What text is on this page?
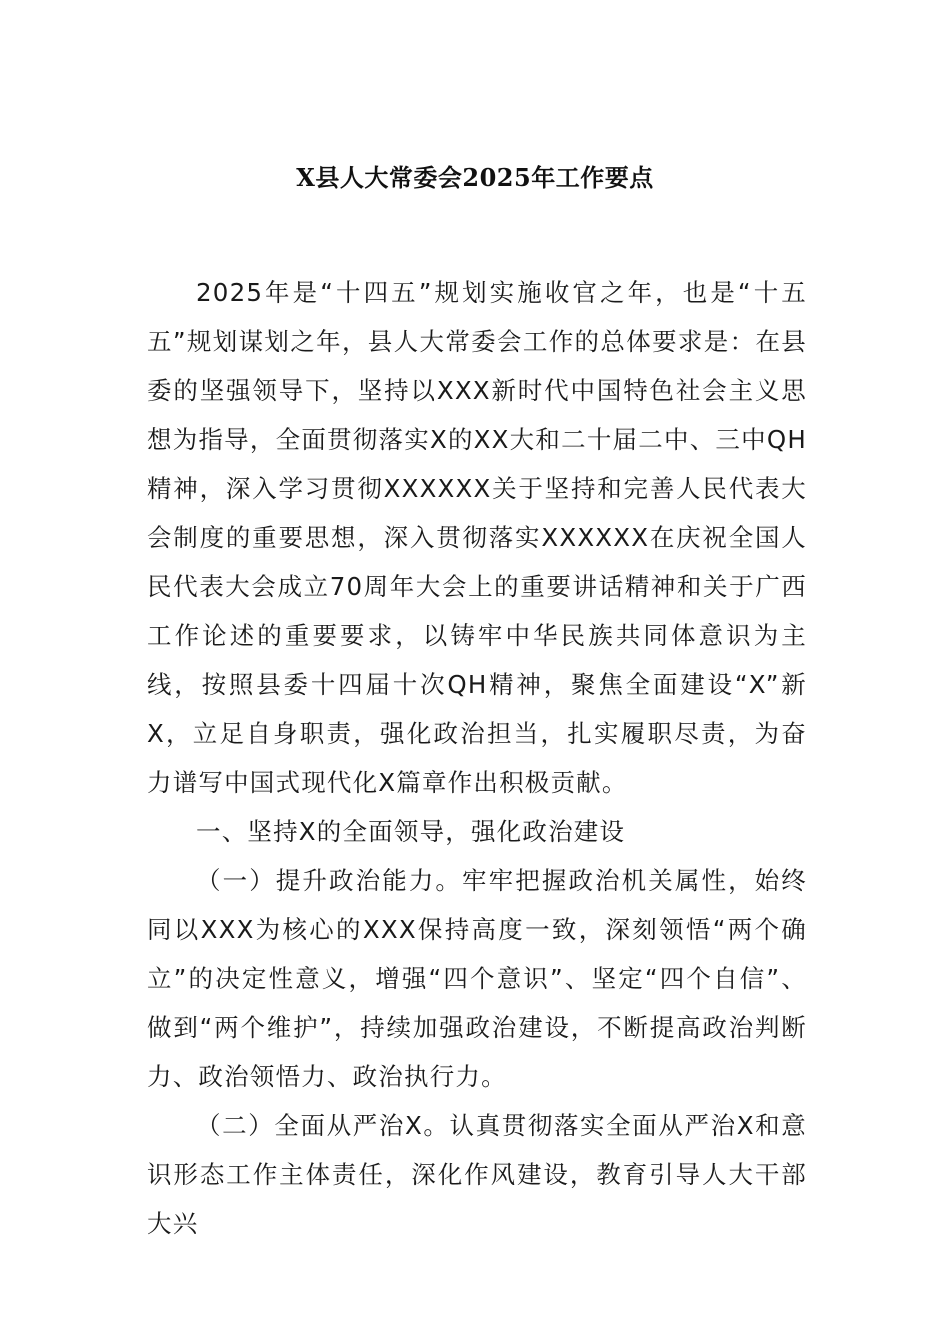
X县人大常委会2025年工作要点

2025年是“十四五”规划实施收官之年，也是“十五五”规划谋划之年，县人大常委会工作的总体要求是：在县委的坚强领导下，坚持以XXX新时代中国特色社会主义思想为指导，全面贯彻落实X的XX大和二十届二中、三中QH精神，深入学习贯彻XXXXXX关于坚持和完善人民代表大会制度的重要思想，深入贯彻落实XXXXXX在庆祝全国人民代表大会成立70周年大会上的重要讲话精神和关于广西工作论述的重要要求，以铸牢中华民族共同体意识为主线，按照县委十四届十次QH精神，聚焦全面建设“X”新X，立足自身职责，强化政治担当，扎实履职尽责，为奋力谱写中国式现代化X篇章作出积极贡献。

一、坚持X的全面领导，强化政治建设

（一）提升政治能力。牢牢把握政治机关属性，始终同以XXX为核心的XXX保持高度一致，深刻领悟“两个确立”的决定性意义，增强“四个意识”、坚定“四个自信”、做到“两个维护”，持续加强政治建设，不断提高政治判断力、政治领悟力、政治执行力。

（二）全面从严治X。认真贯彻落实全面从严治X和意识形态工作主体责任，深化作风建设，教育引导人大干部大兴
